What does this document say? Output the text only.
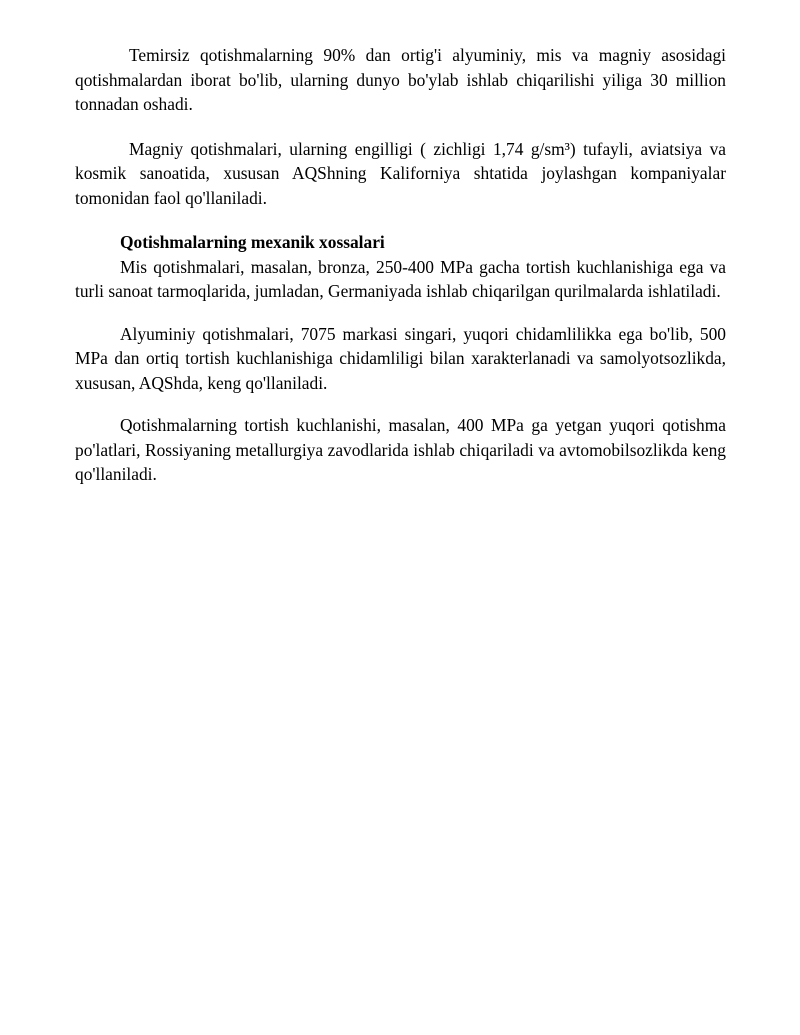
Temirsiz qotishmalarning 90% dan ortig'i alyuminiy, mis va magniy asosidagi qotishmalardan iborat bo'lib, ularning dunyo bo'ylab ishlab chiqarilishi yiliga 30 million tonnadan oshadi.

Magniy qotishmalari, ularning engilligi ( zichligi 1,74 g/sm³) tufayli, aviatsiya va kosmik sanoatida, xususan AQShning Kaliforniya shtatida joylashgan kompaniyalar tomonidan faol qo'llaniladi.

Qotishmalarning mexanik xossalari

Mis qotishmalari, masalan, bronza, 250-400 MPa gacha tortish kuchlanishiga ega va turli sanoat tarmoqlarida, jumladan, Germaniyada ishlab chiqarilgan qurilmalarda ishlatiladi.

Alyuminiy qotishmalari, 7075 markasi singari, yuqori chidamlilikka ega bo'lib, 500 MPa dan ortiq tortish kuchlanishiga chidamliligi bilan xarakterlanadi va samolyotsozlikda, xususan, AQShda, keng qo'llaniladi.

Qotishmalarning tortish kuchlanishi, masalan, 400 MPa ga yetgan yuqori qotishma po'latlari, Rossiyaning metallurgiya zavodlarida ishlab chiqariladi va avtomobilsozlikda keng qo'llaniladi.
